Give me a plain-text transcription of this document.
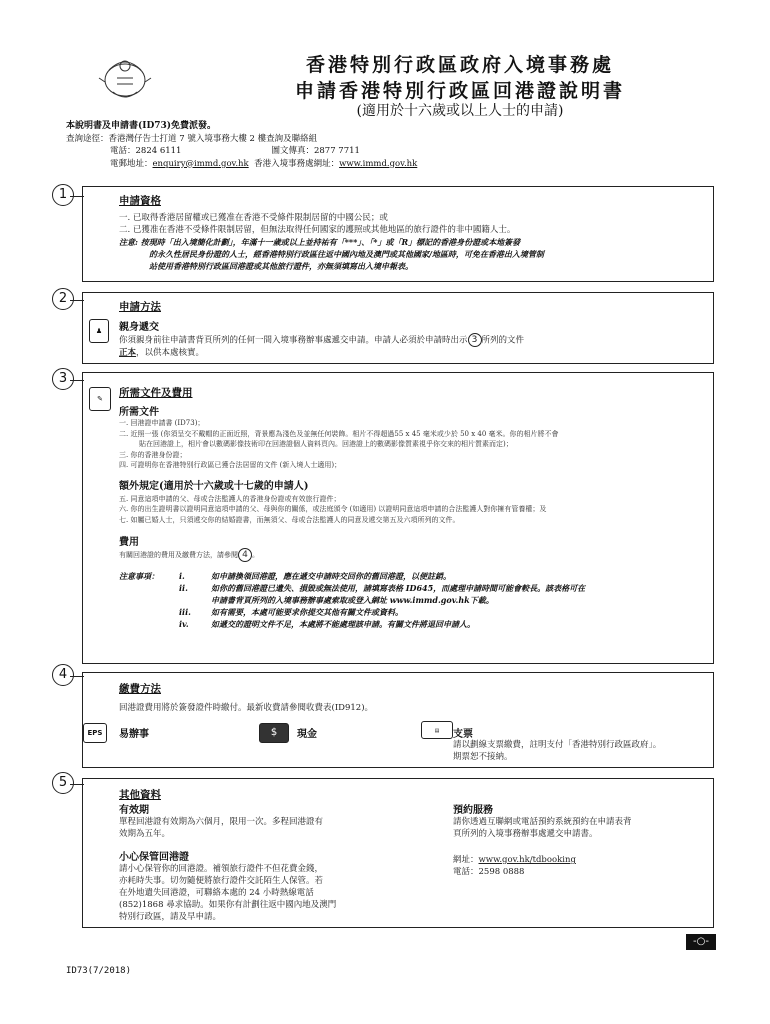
香港特別行政區政府入境事務處
申請香港特別行政區回港證說明書
(適用於十六歲或以上人士的申請)
本說明書及申請書(ID73)免費派發。
查詢途徑：香港灣仔告士打道 7 號入境事務大樓 2 樓查詢及聯絡組
電話：2824 6111	圖文傳真：2877 7711
電郵地址：enquiry@immd.gov.hk 香港入境事務處網址：www.immd.gov.hk
1	申請資格
一. 已取得香港居留權或已獲准在香港不受條件限制居留的中國公民；或
二. 已獲准在香港不受條件限制居留，但無法取得任何國家的護照或其他地區的旅行證件的非中國籍人士。
注意: 按現時「出入境簡化計劃」，年滿十一歲或以上並持祐有「***」、「*」或「R」標記的香港身份證或本地簽發
的永久性居民身份證的人士，經香港特別行政區往返中國內地及澳門或其他國家/地區時，可免在香港出入境管制
站使用香港特別行政區回港證或其他旅行證件，亦無須填寫出入境申報表。
2
♟
申請方法
親身遞交
你須親身前往申請書背頁所列的任何一間入境事務辦事處遞交申請。申請人必須於申請時出示 3 所列的文件
正本，以供本處核實。
3
✎	所需文件及費用
所需文件
一. 回港證申請書 (ID73)；
二. 近照一張 (你須呈交不戴帽的正面近照，背景應為淺色及並無任何裝飾。相片不得超過55 x 45 毫米或少於 50 x 40 毫米。你的相片將不會
貼在回港證上，相片會以數碼影像技術印在回港證個人資料頁內。回港證上的數碼影像質素視乎你交來的相片質素而定)；
三. 你的香港身份證；
四. 可證明你在香港特別行政區已獲合法居留的文件 (新入境人士適用)；
額外規定(適用於十六歲或十七歲的申請人)
五. 同意這項申請的父、母或合法監護人的香港身份證或有效旅行證件；
六. 你的出生證明書以證明同意這項申請的父、母與你的關係，或法庭頒令 (如適用) 以證明同意這項申請的合法監護人對你擁有管養權；及
七. 如屬已婚人士，只須遞交你的結婚證書，而無須父、母或合法監護人的同意及遞交第五及六項所列的文件。
費用
有關回港證的費用及繳費方法，請參閱 4 。
注意事項：	i.	如申請換領回港證，應在遞交申請時交回你的舊回港證，以便註銷。
ii.	如你的舊回港證已遺失、損毀或無法使用，請填寫表格 ID645，而處理申請時間可能會較長。該表格可在
申請書背頁所列的入境事務辦事處索取或登入網址 www.immd.gov.hk下載。
iii.	如有需要，本處可能要求你提交其他有關文件或資料。
iv.	如遞交的證明文件不足，本處將不能處理該申請。有關文件將退回申請人。
4
繳費方法
回港證費用將於簽發證件時繳付。最新收費請參閱收費表(ID912)。
EPS	易辦事	$	現金	▤	支票
請以劃線支票繳費，註明支付「香港特別行政區政府」。
期票恕不接納。
5
其他資料
有效期
單程回港證有效期為六個月，限用一次。多程回港證有
效期為五年。
小心保管回港證
請小心保管你的回港證。補領旅行證件不但花費金錢，
亦耗時失事。切勿隨便將旅行證件交託陌生人保管。若
在外地遺失回港證，可聯絡本處的 24 小時熱線電話
(852)1868 尋求協助。如果你有計劃往返中國內地及澳門
特別行政區，請及早申請。
預約服務
請你透過互聯網或電話預約系統預約在申請表背
頁所列的入境事務辦事處遞交申請書。
網址：www.gov.hk/tdbooking
電話：2598 0888
-○-
ID73(7/2018)
